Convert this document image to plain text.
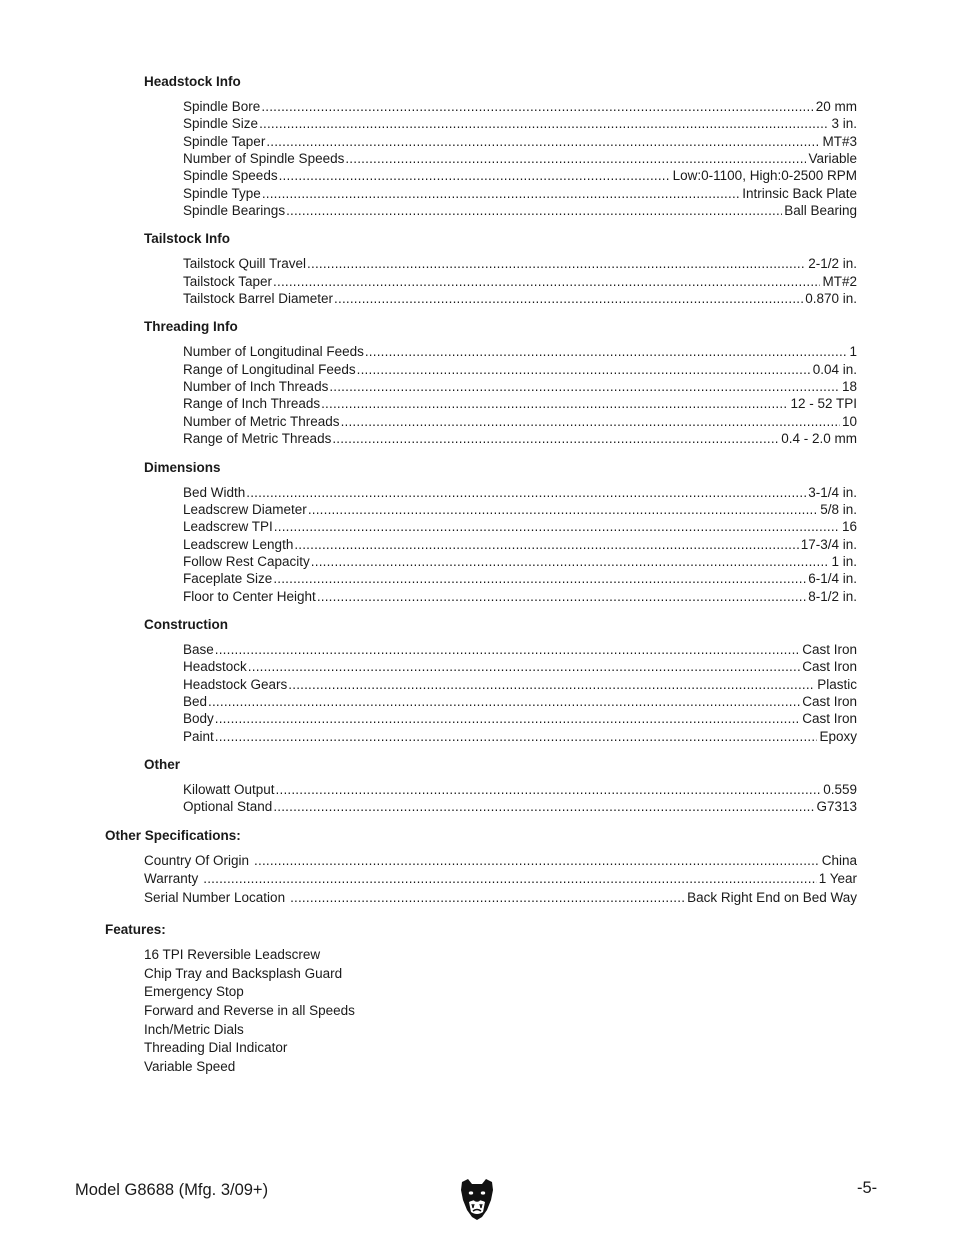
Headstock Info
Spindle Bore .....	20 mm
Spindle Size .....	3 in.
Spindle Taper .....	MT#3
Number of Spindle Speeds .....	Variable
Spindle Speeds .....	Low:0-1100, High:0-2500 RPM
Spindle Type .....	Intrinsic Back Plate
Spindle Bearings .....	Ball Bearing
Tailstock Info
Tailstock Quill Travel .....	2-1/2 in.
Tailstock Taper .....	MT#2
Tailstock Barrel Diameter .....	0.870 in.
Threading Info
Number of Longitudinal Feeds .....	1
Range of Longitudinal Feeds .....	0.04 in.
Number of Inch Threads .....	18
Range of Inch Threads .....	12 - 52 TPI
Number of Metric Threads .....	10
Range of Metric Threads .....	0.4 - 2.0 mm
Dimensions
Bed Width .....	3-1/4 in.
Leadscrew Diameter .....	5/8 in.
Leadscrew TPI .....	16
Leadscrew Length .....	17-3/4 in.
Follow Rest Capacity .....	1 in.
Faceplate Size .....	6-1/4 in.
Floor to Center Height .....	8-1/2 in.
Construction
Base .....	Cast Iron
Headstock .....	Cast Iron
Headstock Gears .....	Plastic
Bed .....	Cast Iron
Body .....	Cast Iron
Paint .....	Epoxy
Other
Kilowatt Output .....	0.559
Optional Stand .....	G7313
Other Specifications:
Country Of Origin .....	China
Warranty .....	1 Year
Serial Number Location .....	Back Right End on Bed Way
Features:
16 TPI Reversible Leadscrew
Chip Tray and Backsplash Guard
Emergency Stop
Forward and Reverse in all Speeds
Inch/Metric Dials
Threading Dial Indicator
Variable Speed
Model G8688 (Mfg. 3/09+)	-5-
